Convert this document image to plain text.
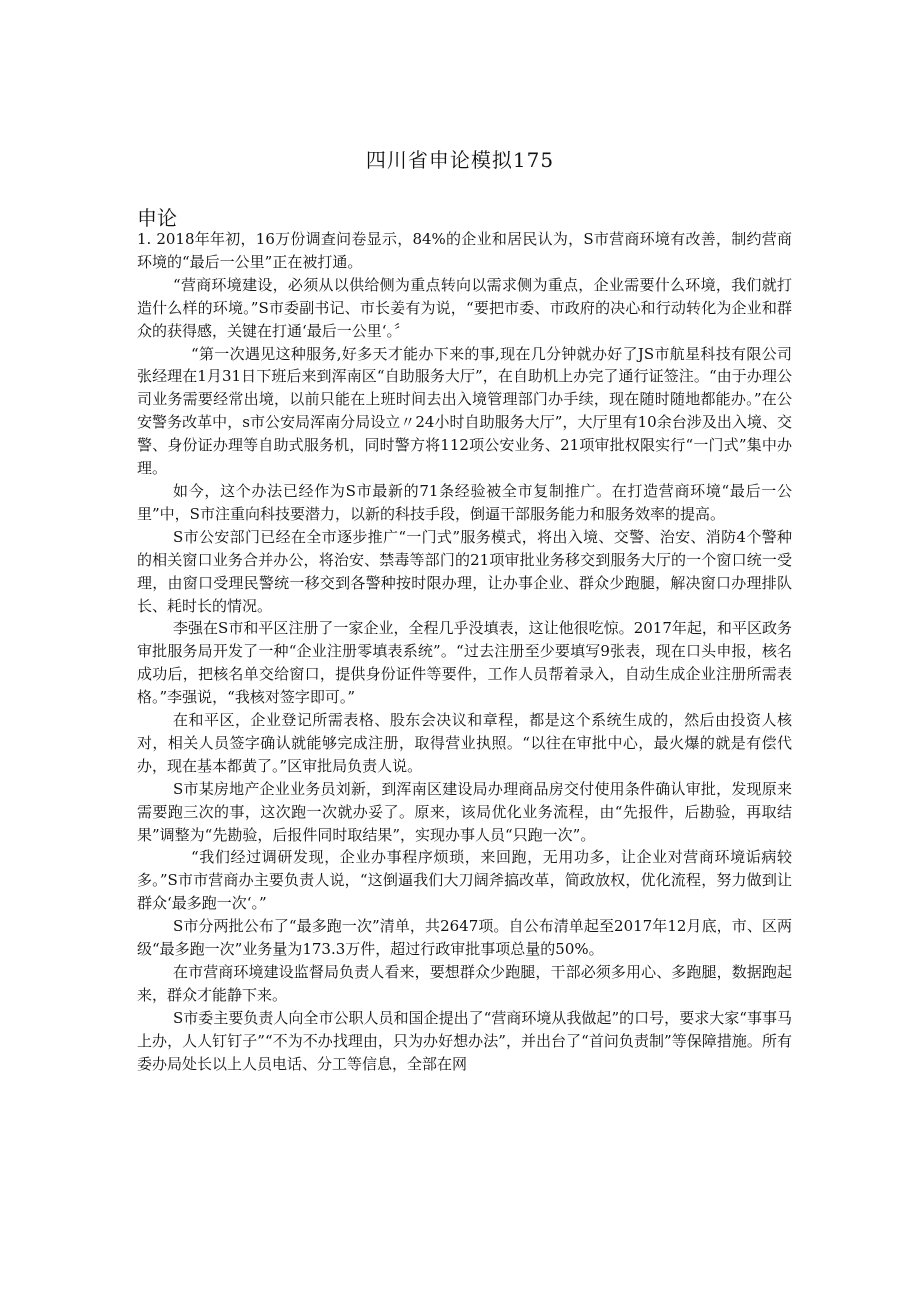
四川省申论模拟175
申论

1. 2018年年初，16万份调查问卷显示，84%的企业和居民认为，S市营商环境有改善，制约营商环境的“最后一公里”正在被打通。

“营商环境建设，必须从以供给侧为重点转向以需求侧为重点，企业需要什么环境，我们就打造什么样的环境。”S市委副书记、市长姜有为说，“要把市委、市政府的决心和行动转化为企业和群众的获得感，关键在打通‘最后一公里‘。〞

“第一次遇见这种服务,好多天才能办下来的事,现在几分钟就办好了JS市航星科技有限公司张经理在1月31日下班后来到浑南区“自助服务大厅”，在自助机上办完了通行证签注。“由于办理公司业务需要经常出境，以前只能在上班时间去出入境管理部门办手续，现在随时随地都能办。”在公安警务改革中，s市公安局浑南分局设立〃24小时自助服务大厅”，大厅里有10余台涉及出入境、交警、身份证办理等自助式服务机，同时警方将112项公安业务、21项审批权限实行“一门式”集中办理。

如今，这个办法已经作为S市最新的71条经验被全市复制推广。在打造营商环境“最后一公里”中，S市注重向科技要潜力，以新的科技手段，倒逼干部服务能力和服务效率的提高。

S市公安部门已经在全市逐步推广“一门式”服务模式，将出入境、交警、治安、消防4个警种的相关窗口业务合并办公，将治安、禁毒等部门的21项审批业务移交到服务大厅的一个窗口统一受理，由窗口受理民警统一移交到各警种按时限办理，让办事企业、群众少跑腿，解决窗口办理排队长、耗时长的情况。

李强在S市和平区注册了一家企业，全程几乎没填表，这让他很吃惊。2017年起，和平区政务审批服务局开发了一种“企业注册零填表系统”。“过去注册至少要填写9张表，现在口头申报，核名成功后，把核名单交给窗口，提供身份证件等要件，工作人员帮着录入，自动生成企业注册所需表格。”李强说，“我核对签字即可。”

在和平区，企业登记所需表格、股东会决议和章程，都是这个系统生成的，然后由投资人核对，相关人员签字确认就能够完成注册，取得营业执照。“以往在审批中心，最火爆的就是有偿代办，现在基本都黄了。”区审批局负责人说。

S市某房地产企业业务员刘新，到浑南区建设局办理商品房交付使用条件确认审批，发现原来需要跑三次的事，这次跑一次就办妥了。原来，该局优化业务流程，由“先报件，后勘验，再取结果”调整为“先勘验，后报件同时取结果”，实现办事人员“只跑一次”。

“我们经过调研发现，企业办事程序烦琐，来回跑，无用功多，让企业对营商环境诟病较多。”S市市营商办主要负责人说，“这倒逼我们大刀阔斧搞改革，简政放权，优化流程，努力做到让群众‘最多跑一次‘。”

S市分两批公布了“最多跑一次”清单，共2647项。自公布清单起至2017年12月底，市、区两级“最多跑一次”业务量为173.3万件，超过行政审批事项总量的50%。

在市营商环境建设监督局负责人看来，要想群众少跑腿，干部必须多用心、多跑腿，数据跑起来，群众才能静下来。

S市委主要负责人向全市公职人员和国企提出了“营商环境从我做起”的口号，要求大家“事事马上办，人人钉钉子”“不为不办找理由，只为办好想办法”，并出台了“首问负责制”等保障措施。所有委办局处长以上人员电话、分工等信息，全部在网
